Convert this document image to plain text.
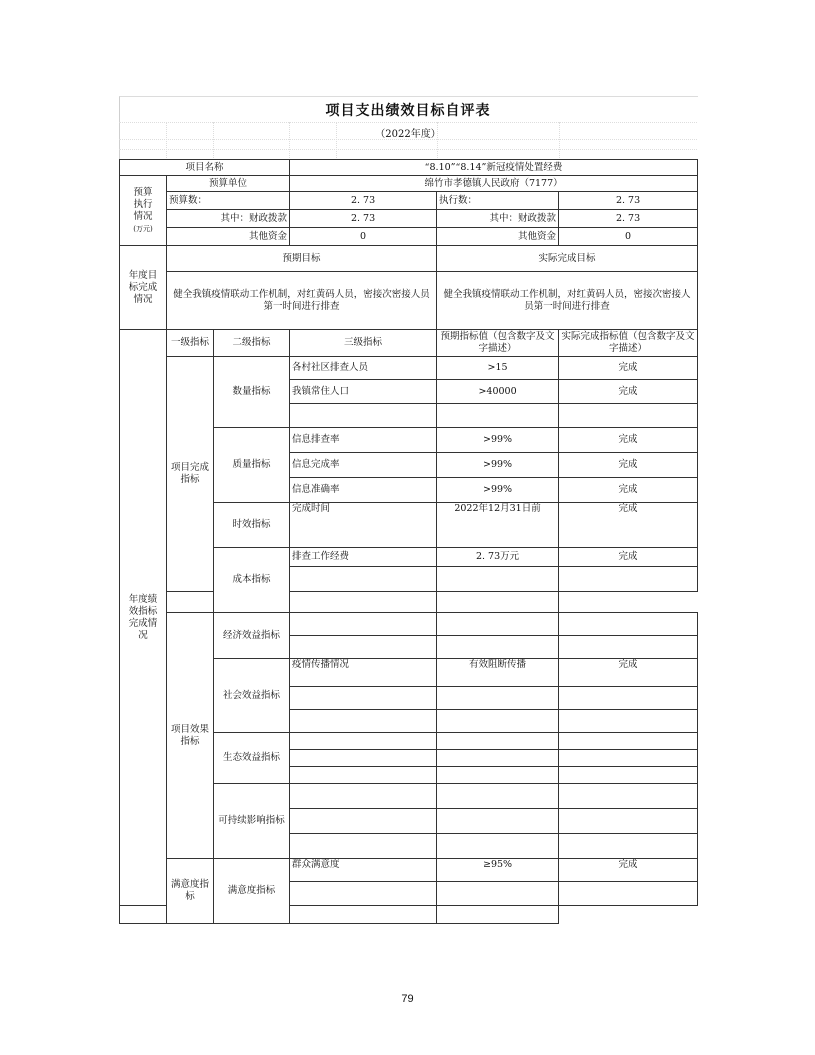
项目支出绩效目标自评表
（2022年度）
项目名称			“8.10”“8.14”新冠疫情处置经费		
预算
执行
情况
(万元)	预算单位		绵竹市孝德镇人民政府（7177）		
	预算数：		2. 73	执行数：	2. 73
	其中：财政拨款		2. 73	其中：财政拨款	2. 73
	其他资金		0	其他资金	0
年度目标完成情况	预期目标			实际完成目标	
	健全我镇疫情联动工作机制，对红黄码人员，密接次密接人员第一时间进行排查			健全我镇疫情联动工作机制，对红黄码人员，密接次密接人员第一时间进行排查	
年度绩效指标完成情况	一级指标	二级指标	三级指标	预期指标值（包含数字及文字描述）	实际完成指标值（包含数字及文字描述）
	项目完成指标	数量指标	各村社区排查人员	>15	完成
			我镇常住人口	>40000	完成

		质量指标	信息排查率	>99%	完成
			信息完成率	>99%	完成
			信息准确率	>99%	完成
		时效指标	完成时间	2022年12月31日前	完成
		成本指标	排查工作经费	2. 73万元	完成

	项目效果指标	经济效益指标			

		社会效益指标	疫情传播情况	有效阻断传播	完成

		生态效益指标			

		可持续影响指标			

	满意度指标	满意度指标	群众满意度	≥95%	完成

79
